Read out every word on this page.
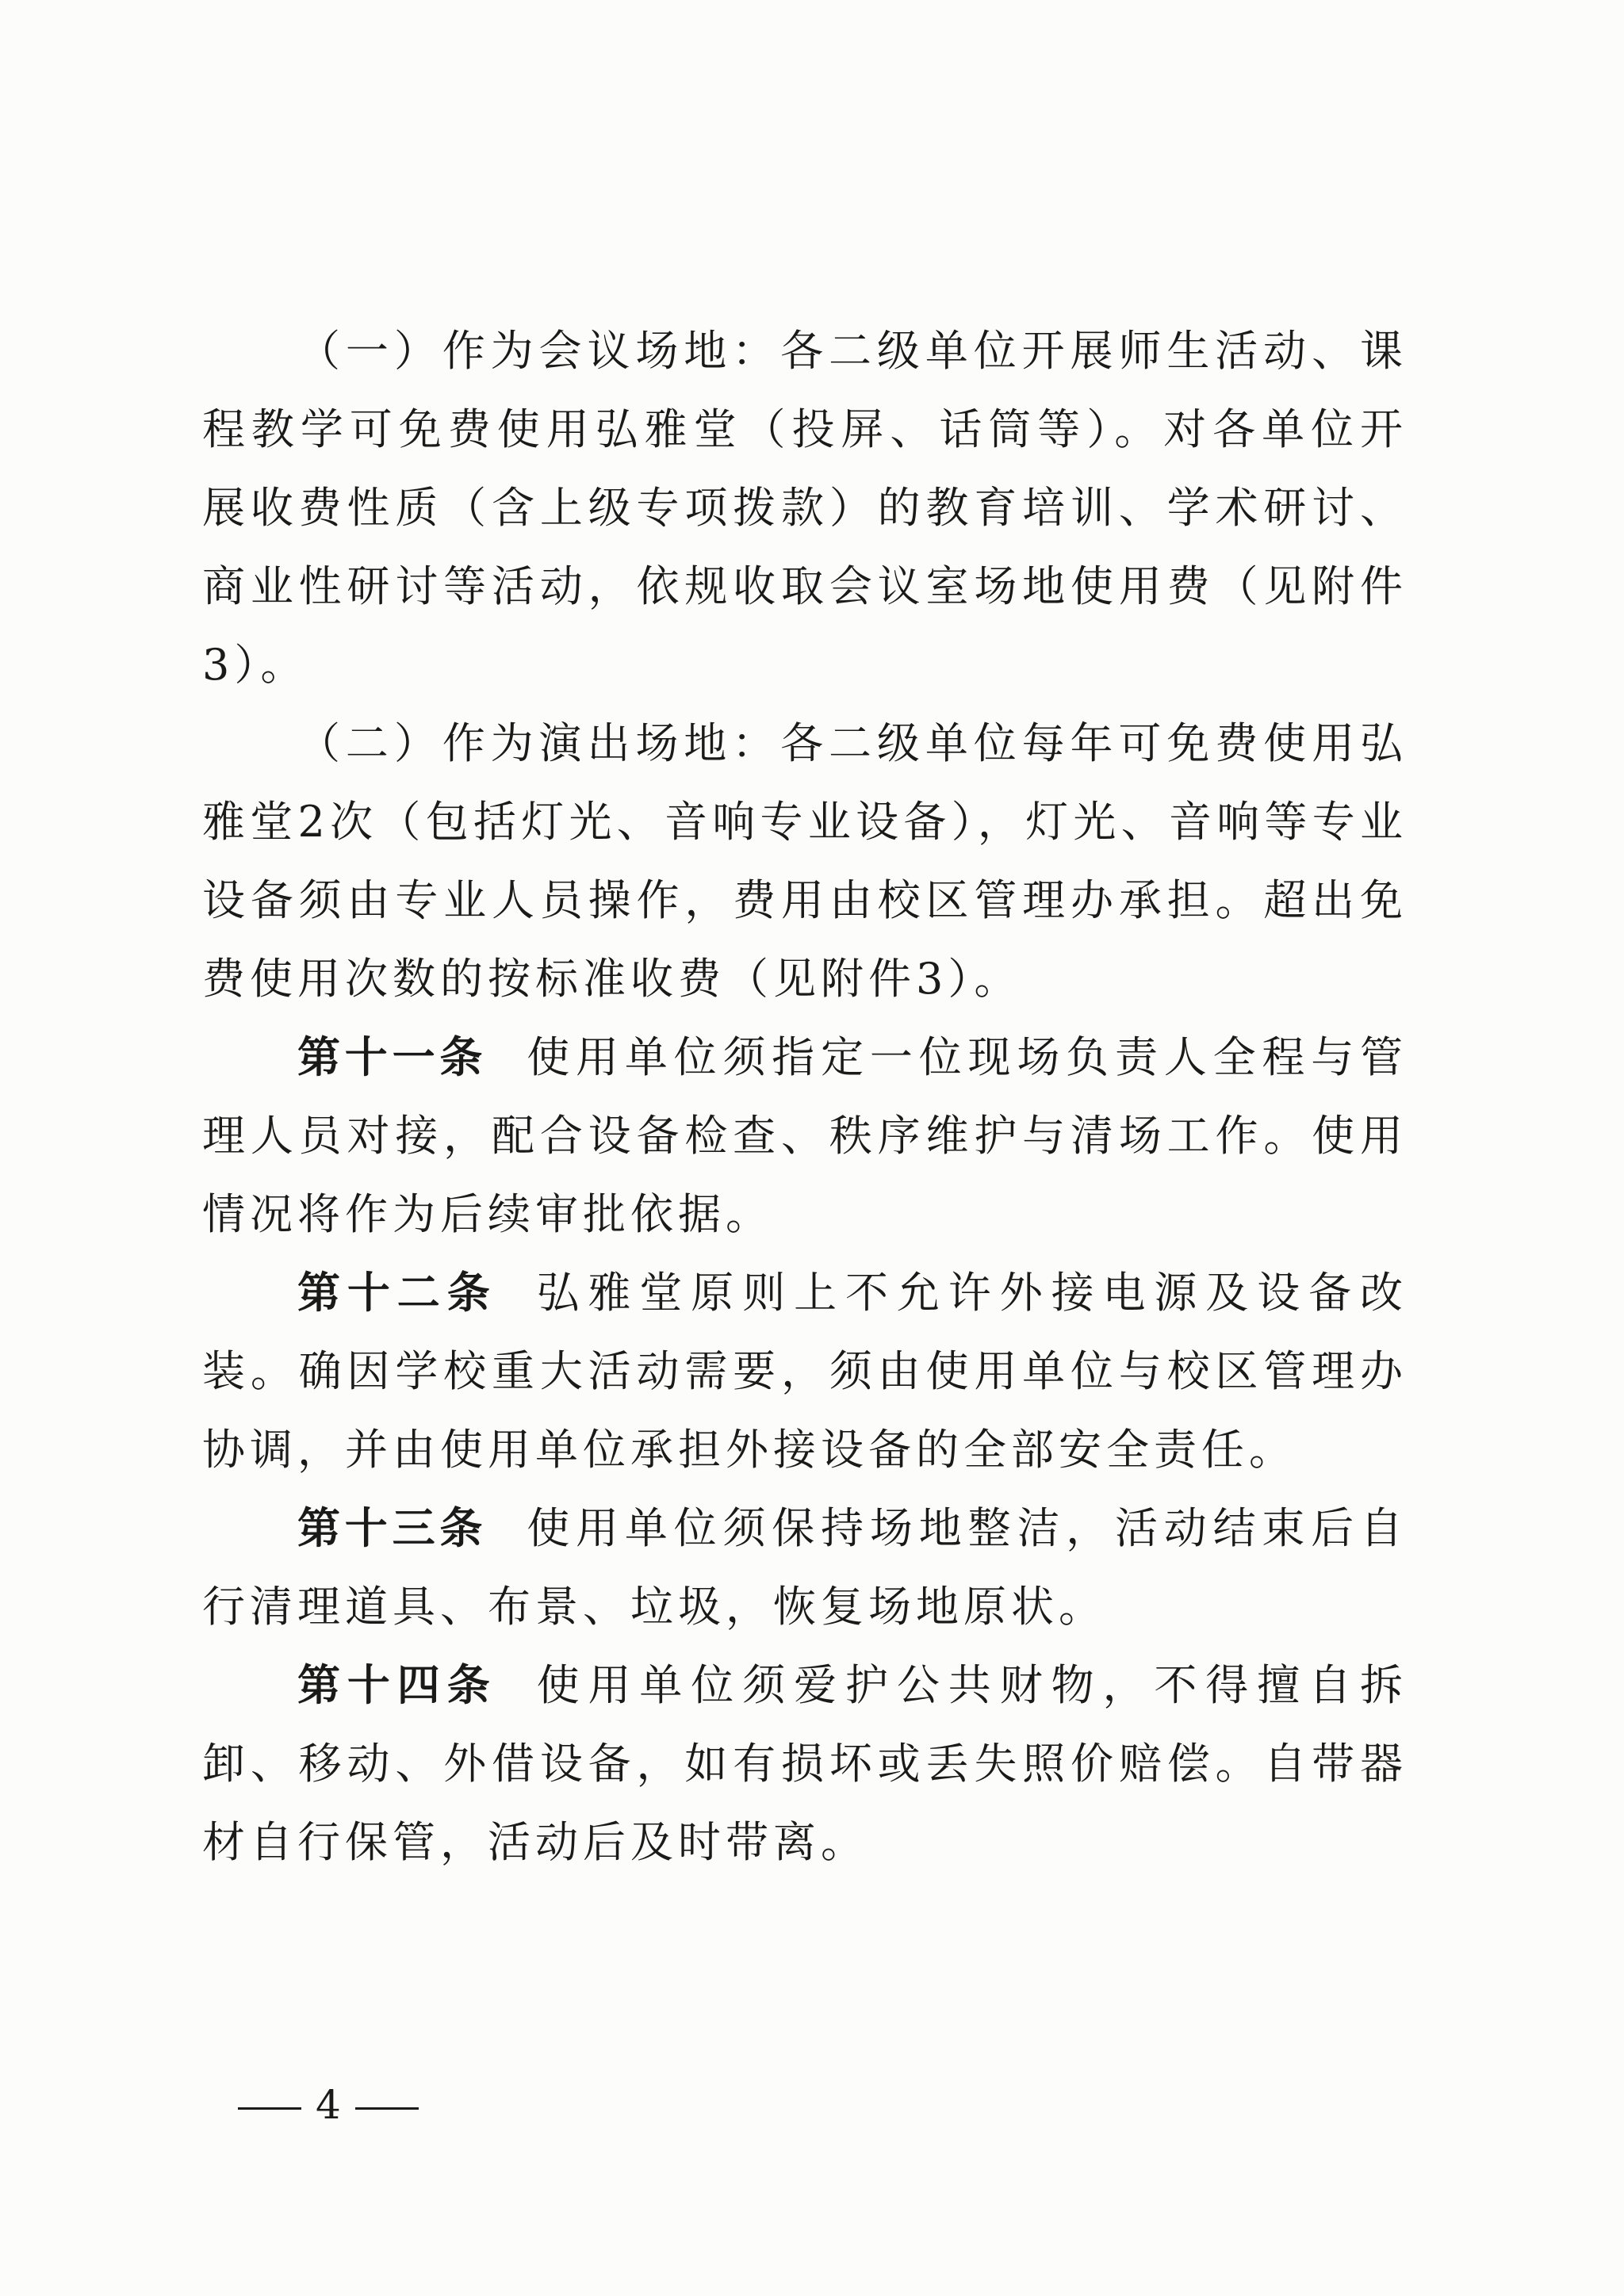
（一）作为会议场地：各二级单位开展师生活动、课程教学可免费使用弘雅堂（投屏、话筒等）。对各单位开展收费性质（含上级专项拨款）的教育培训、学术研讨、商业性研讨等活动，依规收取会议室场地使用费（见附件3）。

（二）作为演出场地：各二级单位每年可免费使用弘雅堂2次（包括灯光、音响专业设备），灯光、音响等专业设备须由专业人员操作，费用由校区管理办承担。超出免费使用次数的按标准收费（见附件3）。

第十一条 使用单位须指定一位现场负责人全程与管理人员对接，配合设备检查、秩序维护与清场工作。使用情况将作为后续审批依据。

第十二条 弘雅堂原则上不允许外接电源及设备改装。确因学校重大活动需要，须由使用单位与校区管理办协调，并由使用单位承担外接设备的全部安全责任。

第十三条 使用单位须保持场地整洁，活动结束后自行清理道具、布景、垃圾，恢复场地原状。

第十四条 使用单位须爱护公共财物，不得擅自拆卸、移动、外借设备，如有损坏或丢失照价赔偿。自带器材自行保管，活动后及时带离。

4
